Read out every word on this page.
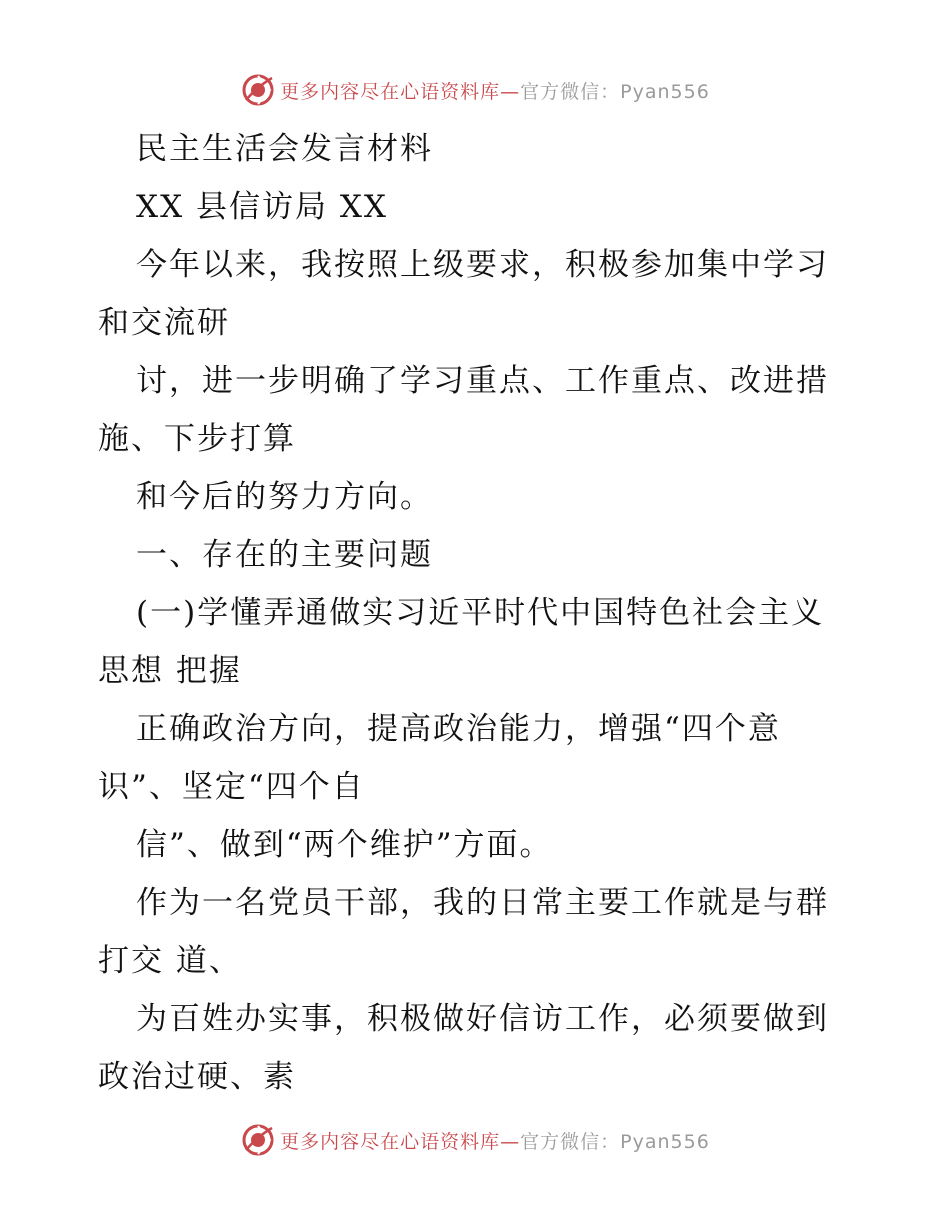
更多内容尽在心语资料库—官方微信：Pyan556
民主生活会发言材料
XX 县信访局 XX
今年以来，我按照上级要求，积极参加集中学习
和交流研
讨，进一步明确了学习重点、工作重点、改进措
施、下步打算
和今后的努力方向。
一、存在的主要问题
(一)学懂弄通做实习近平时代中国特色社会主义
思想 把握
正确政治方向，提高政治能力，增强“四个意
识”、坚定“四个自
信”、做到“两个维护”方面。
作为一名党员干部，我的日常主要工作就是与群
打交 道、
为百姓办实事，积极做好信访工作，必须要做到
政治过硬、素
更多内容尽在心语资料库—官方微信：Pyan556
